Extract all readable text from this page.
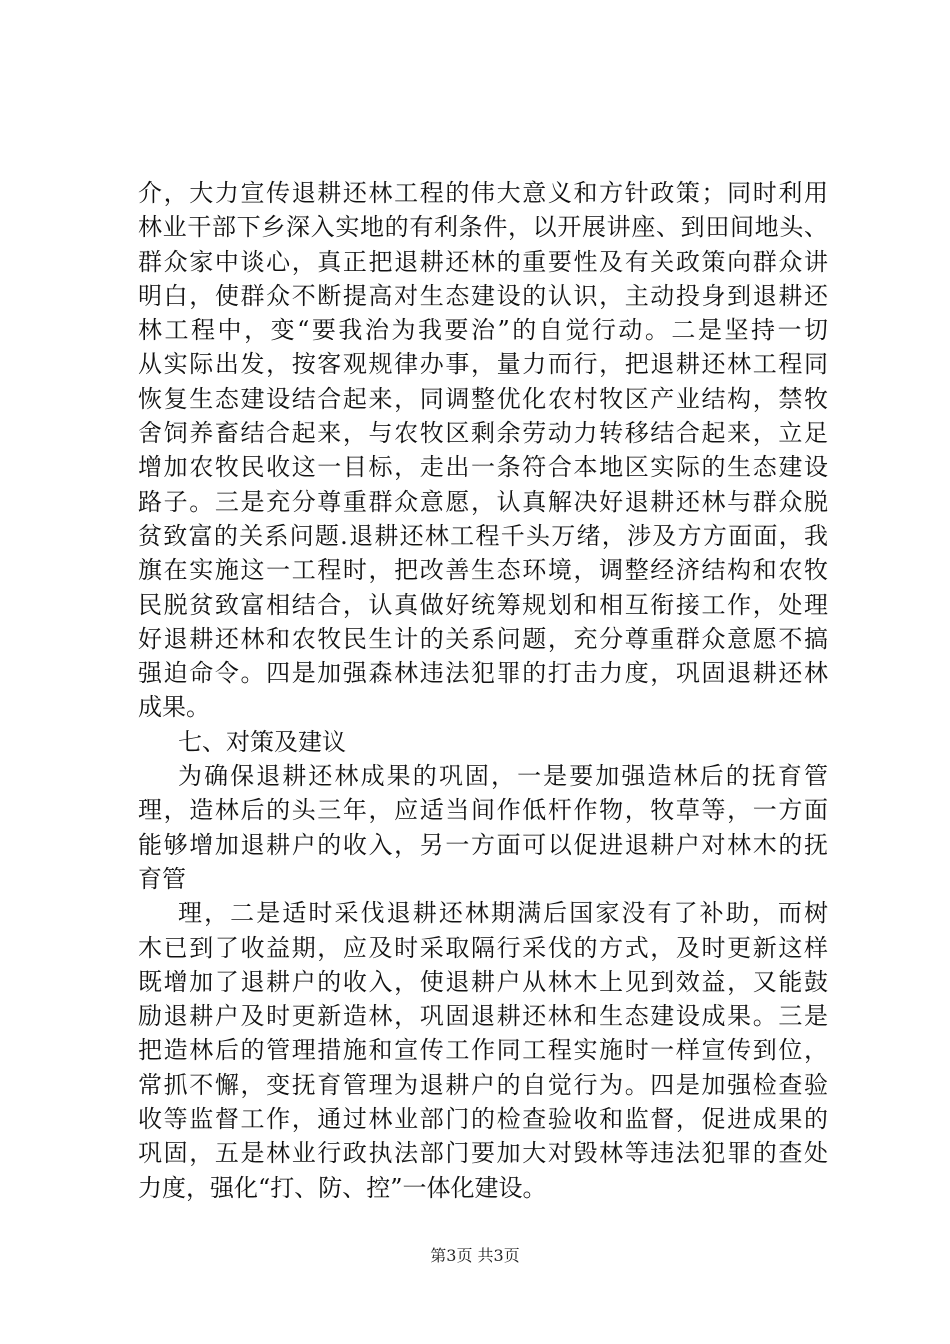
介，大力宣传退耕还林工程的伟大意义和方针政策；同时利用
林业干部下乡深入实地的有利条件，以开展讲座、到田间地头、
群众家中谈心，真正把退耕还林的重要性及有关政策向群众讲
明白，使群众不断提高对生态建设的认识，主动投身到退耕还
林工程中，变“要我治为我要治”的自觉行动。二是坚持一切
从实际出发，按客观规律办事，量力而行，把退耕还林工程同
恢复生态建设结合起来，同调整优化农村牧区产业结构，禁牧
舍饲养畜结合起来，与农牧区剩余劳动力转移结合起来，立足
增加农牧民收这一目标，走出一条符合本地区实际的生态建设
路子。三是充分尊重群众意愿，认真解决好退耕还林与群众脱
贫致富的关系问题.退耕还林工程千头万绪，涉及方方面面，我
旗在实施这一工程时，把改善生态环境，调整经济结构和农牧
民脱贫致富相结合，认真做好统筹规划和相互衔接工作，处理
好退耕还林和农牧民生计的关系问题，充分尊重群众意愿不搞
强迫命令。四是加强森林违法犯罪的打击力度，巩固退耕还林
成果。
七、对策及建议
为确保退耕还林成果的巩固，一是要加强造林后的抚育管
理，造林后的头三年，应适当间作低杆作物，牧草等，一方面
能够增加退耕户的收入，另一方面可以促进退耕户对林木的抚
育管
理，二是适时采伐退耕还林期满后国家没有了补助，而树
木已到了收益期，应及时采取隔行采伐的方式，及时更新这样
既增加了退耕户的收入，使退耕户从林木上见到效益，又能鼓
励退耕户及时更新造林，巩固退耕还林和生态建设成果。三是
把造林后的管理措施和宣传工作同工程实施时一样宣传到位，
常抓不懈，变抚育管理为退耕户的自觉行为。四是加强检查验
收等监督工作，通过林业部门的检查验收和监督，促进成果的
巩固，五是林业行政执法部门要加大对毁林等违法犯罪的查处
力度，强化“打、防、控”一体化建设。
第3页 共3页
